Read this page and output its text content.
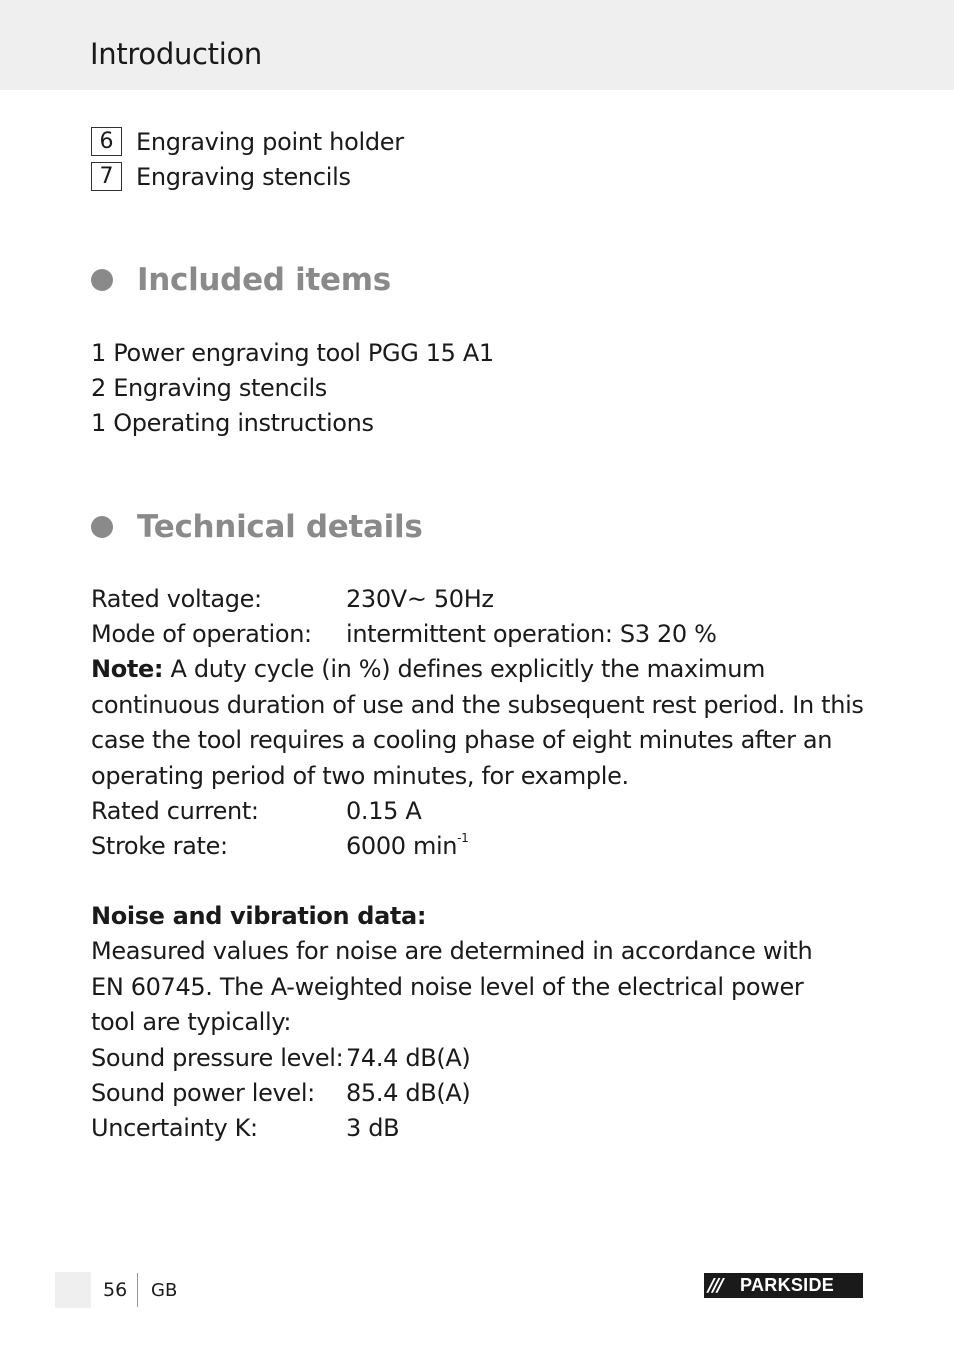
Introduction
6 Engraving point holder
7 Engraving stencils
Included items
1 Power engraving tool PGG 15 A1
2 Engraving stencils
1 Operating instructions
Technical details
Rated voltage:	230V~ 50Hz
Mode of operation:	intermittent operation: S3 20 %
Note: A duty cycle (in %) defines explicitly the maximum continuous duration of use and the subsequent rest period. In this case the tool requires a cooling phase of eight minutes after an operating period of two minutes, for example.
Rated current:	0.15 A
Stroke rate:	6000 $\min^{-1}$
Noise and vibration data:
Measured values for noise are determined in accordance with EN 60745. The A-weighted noise level of the electrical power tool are typically:
Sound pressure level: 74.4 dB(A)
Sound power level:	85.4 dB(A)
Uncertainty K:	3 dB
56 GB	///	PARKSIDE
